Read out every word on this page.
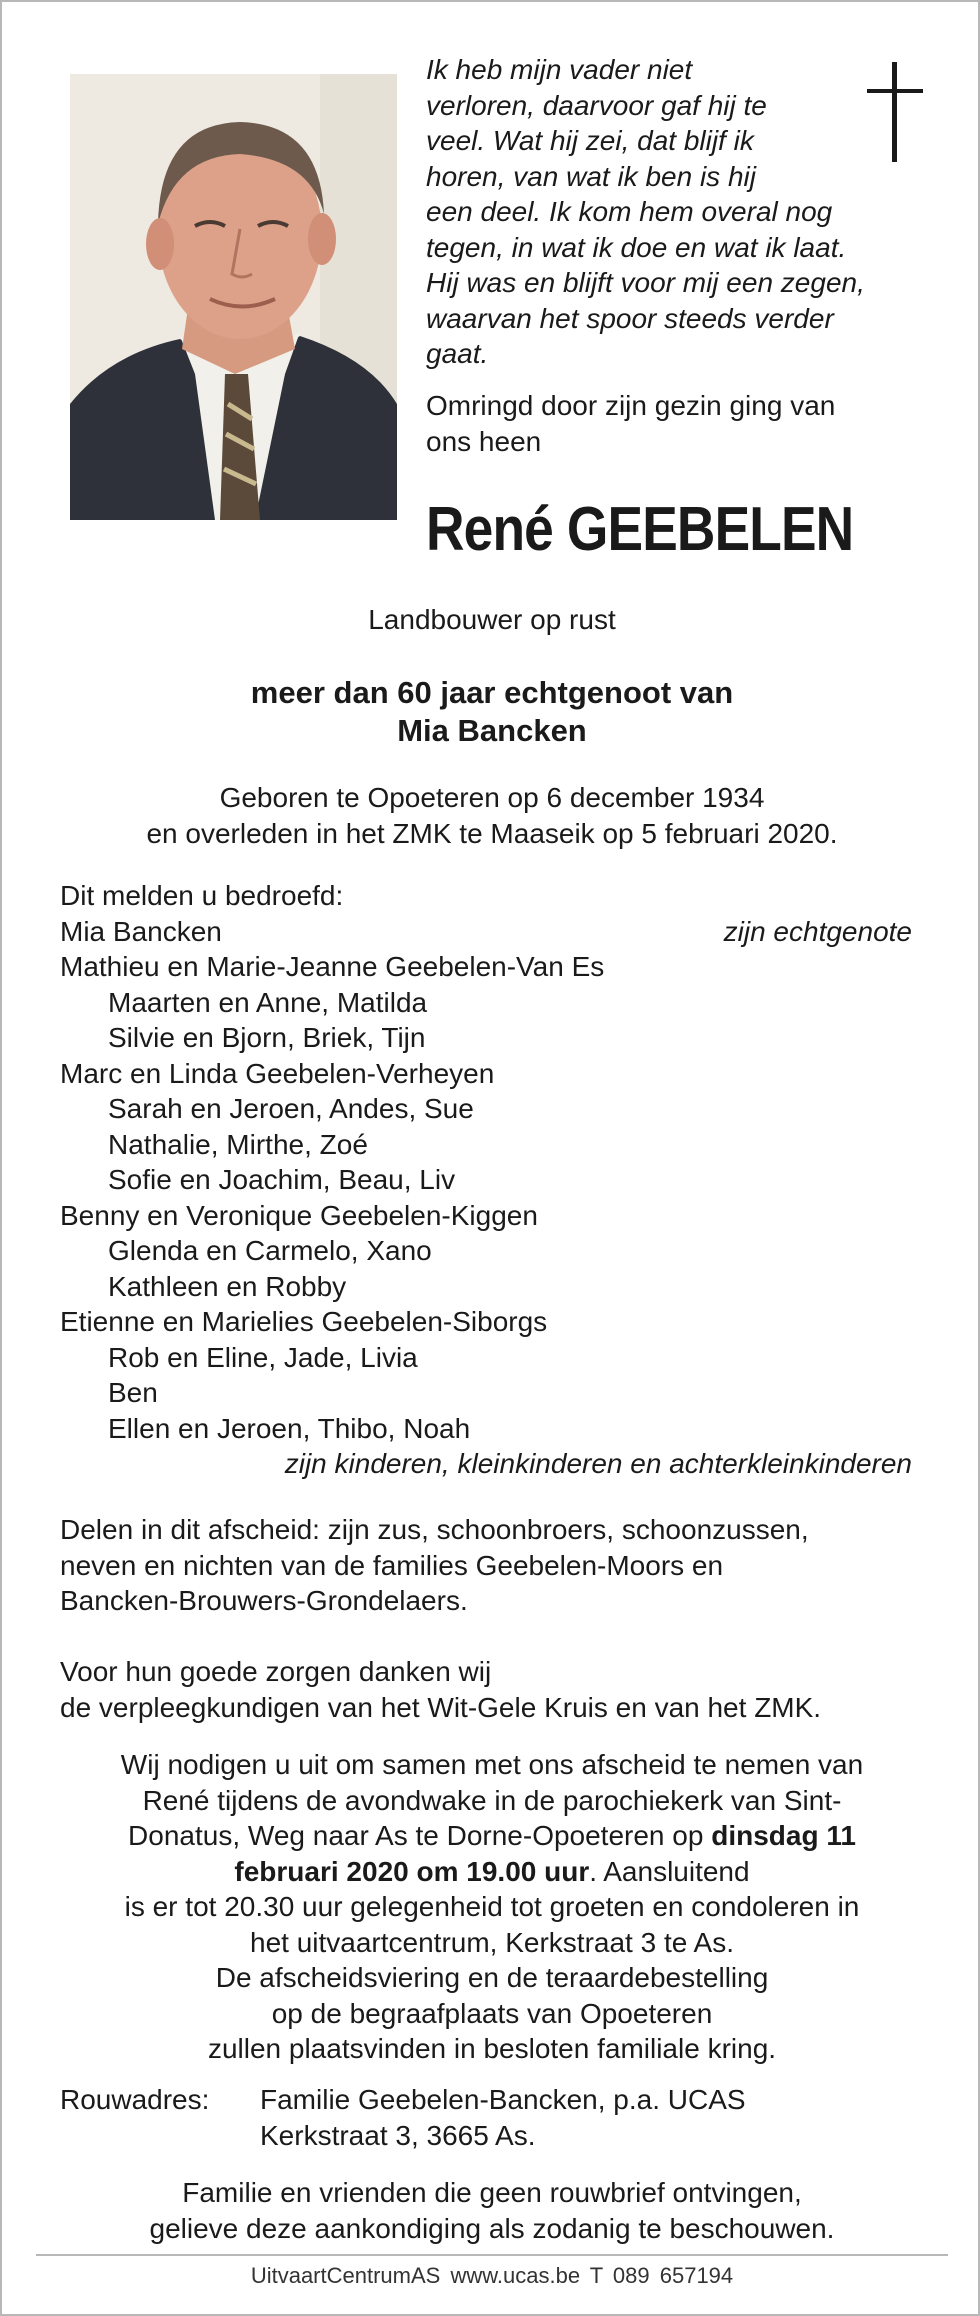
Ik heb mijn vader niet
verloren, daarvoor gaf hij te
veel. Wat hij zei, dat blijf ik
horen, van wat ik ben is hij
een deel. Ik kom hem overal nog
tegen, in wat ik doe en wat ik laat.
Hij was en blijft voor mij een zegen,
waarvan het spoor steeds verder
gaat.
Omringd door zijn gezin ging van
ons heen
René GEEBELEN
Landbouwer op rust
meer dan 60 jaar echtgenoot van
Mia Bancken
Geboren te Opoeteren op 6 december 1934
en overleden in het ZMK te Maaseik op 5 februari 2020.
Dit melden u bedroefd:
Mia Bancken	zijn echtgenote
Mathieu en Marie-Jeanne Geebelen-Van Es
Maarten en Anne, Matilda
Silvie en Bjorn, Briek, Tijn
Marc en Linda Geebelen-Verheyen
Sarah en Jeroen, Andes, Sue
Nathalie, Mirthe, Zoé
Sofie en Joachim, Beau, Liv
Benny en Veronique Geebelen-Kiggen
Glenda en Carmelo, Xano
Kathleen en Robby
Etienne en Marielies Geebelen-Siborgs
Rob en Eline, Jade, Livia
Ben
Ellen en Jeroen, Thibo, Noah
zijn kinderen, kleinkinderen en achterkleinkinderen
Delen in dit afscheid: zijn zus, schoonbroers, schoonzussen,
neven en nichten van de families Geebelen-Moors en
Bancken-Brouwers-Grondelaers.
Voor hun goede zorgen danken wij
de verpleegkundigen van het Wit-Gele Kruis en van het ZMK.
Wij nodigen u uit om samen met ons afscheid te nemen van
René tijdens de avondwake in de parochiekerk van Sint-
Donatus, Weg naar As te Dorne-Opoeteren op dinsdag 11
februari 2020 om 19.00 uur. Aansluitend
is er tot 20.30 uur gelegenheid tot groeten en condoleren in
het uitvaartcentrum, Kerkstraat 3 te As.
De afscheidsviering en de teraardebestelling
op de begraafplaats van Opoeteren
zullen plaatsvinden in besloten familiale kring.
Rouwadres: Familie Geebelen-Bancken, p.a. UCAS
Kerkstraat 3, 3665 As.
Familie en vrienden die geen rouwbrief ontvingen,
gelieve deze aankondiging als zodanig te beschouwen.
UitvaartCentrumAS www.ucas.be T 089 657194
